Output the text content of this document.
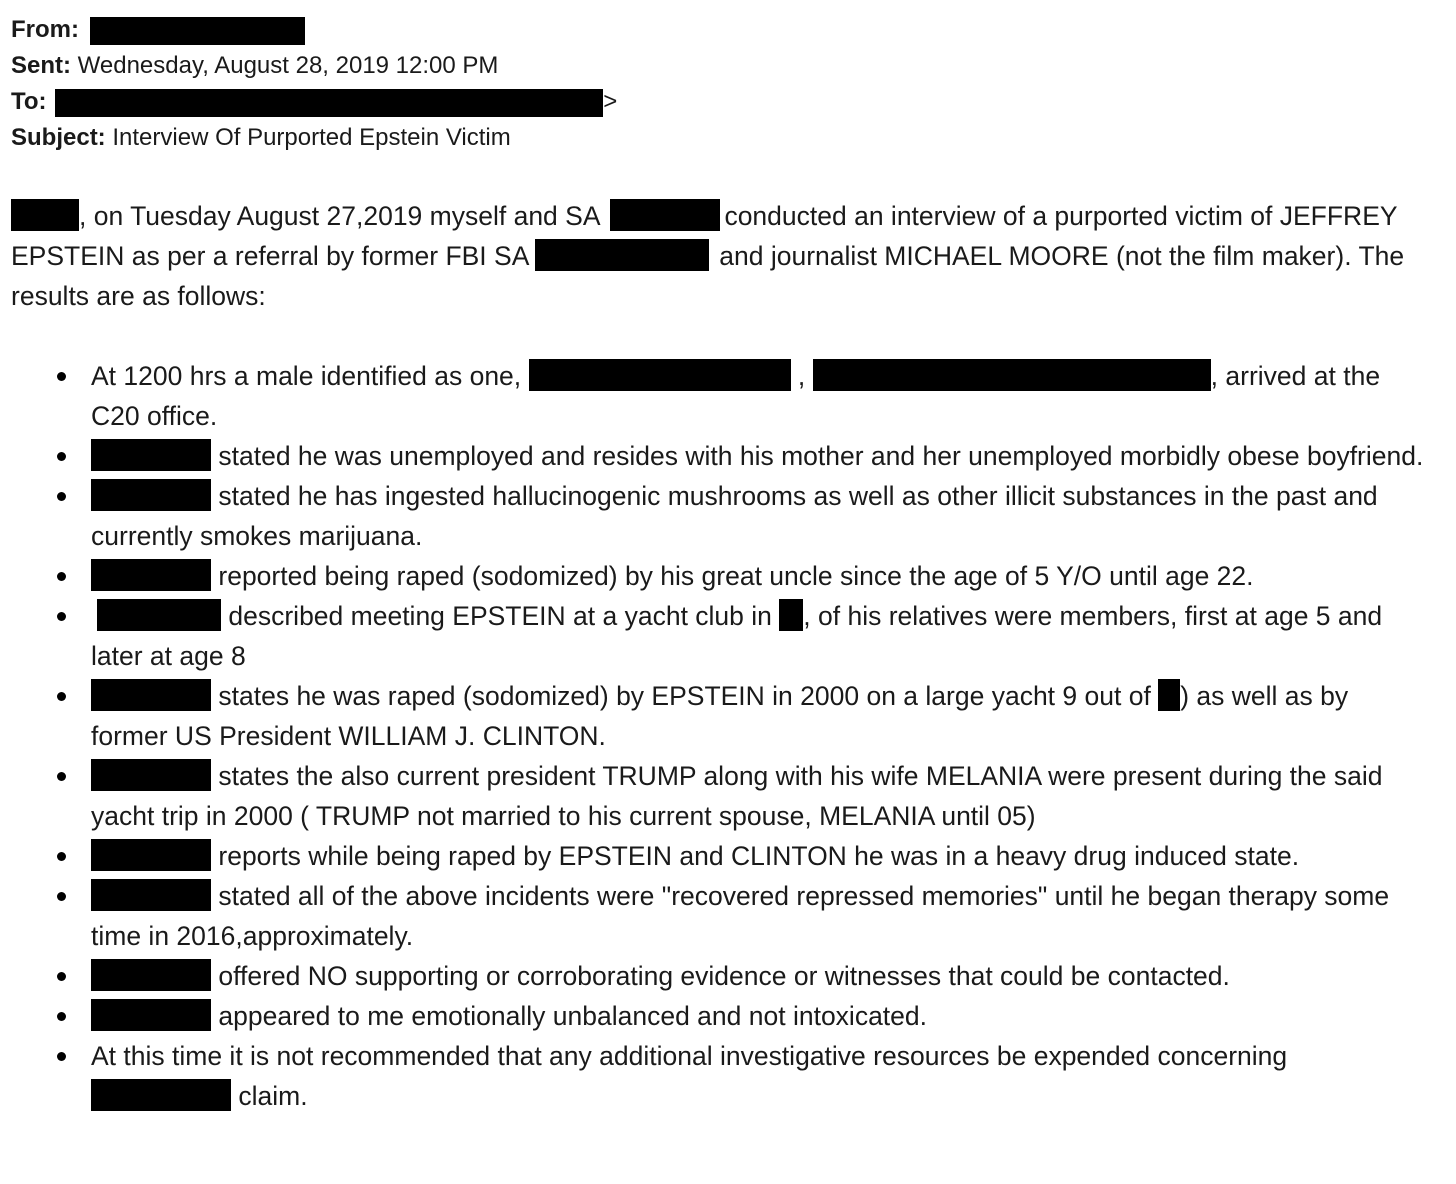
From:
Sent: Wednesday, August 28, 2019 12:00 PM
To:	>
Subject: Interview Of Purported Epstein Victim
, on Tuesday August 27,2019 myself and SA	conducted an interview of a purported victim of JEFFREY EPSTEIN as per a referral by former FBI SA	and journalist MICHAEL MOORE (not the film maker). The results are as follows:
At 1200 hrs a male identified as one,	,	, arrived at the C20 office.
stated he was unemployed and resides with his mother and her unemployed morbidly obese boyfriend.
stated he has ingested hallucinogenic mushrooms as well as other illicit substances in the past and currently smokes marijuana.
reported being raped (sodomized) by his great uncle since the age of 5 Y/O until age 22.
described meeting EPSTEIN at a yacht club in , of his relatives were members, first at age 5 and later at age 8
states he was raped (sodomized) by EPSTEIN in 2000 on a large yacht 9 out of ) as well as by former US President WILLIAM J. CLINTON.
states the also current president TRUMP along with his wife MELANIA were present during the said yacht trip in 2000 ( TRUMP not married to his current spouse, MELANIA until 05)
reports while being raped by EPSTEIN and CLINTON he was in a heavy drug induced state.
stated all of the above incidents were "recovered repressed memories" until he began therapy some time in 2016,approximately.
offered NO supporting or corroborating evidence or witnesses that could be contacted.
appeared to me emotionally unbalanced and not intoxicated.
At this time it is not recommended that any additional investigative resources be expended concerning  claim.
